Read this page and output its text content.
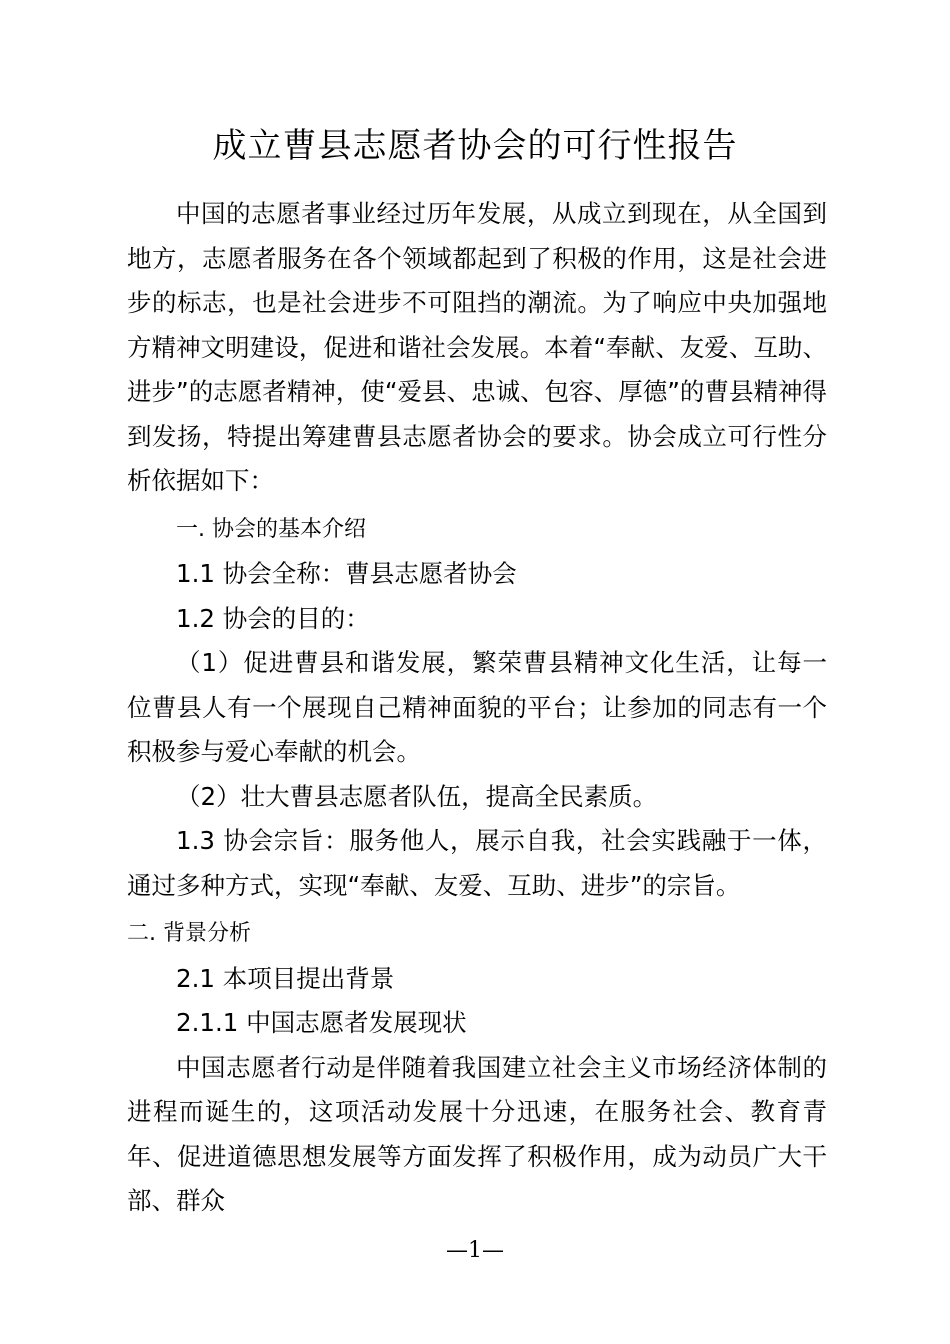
成立曹县志愿者协会的可行性报告

中国的志愿者事业经过历年发展，从成立到现在，从全国到地方，志愿者服务在各个领域都起到了积极的作用，这是社会进步的标志，也是社会进步不可阻挡的潮流。为了响应中央加强地方精神文明建设，促进和谐社会发展。本着“奉献、友爱、互助、进步”的志愿者精神，使“爱县、忠诚、包容、厚德”的曹县精神得到发扬，特提出筹建曹县志愿者协会的要求。协会成立可行性分析依据如下：

一. 协会的基本介绍

1.1 协会全称：曹县志愿者协会

1.2 协会的目的：

（1）促进曹县和谐发展，繁荣曹县精神文化生活，让每一位曹县人有一个展现自己精神面貌的平台；让参加的同志有一个积极参与爱心奉献的机会。

（2）壮大曹县志愿者队伍，提高全民素质。

1.3 协会宗旨：服务他人，展示自我，社会实践融于一体，通过多种方式，实现“奉献、友爱、互助、进步”的宗旨。

二. 背景分析

2.1 本项目提出背景

2.1.1 中国志愿者发展现状

中国志愿者行动是伴随着我国建立社会主义市场经济体制的进程而诞生的，这项活动发展十分迅速，在服务社会、教育青年、促进道德思想发展等方面发挥了积极作用，成为动员广大干部、群众

—1—
